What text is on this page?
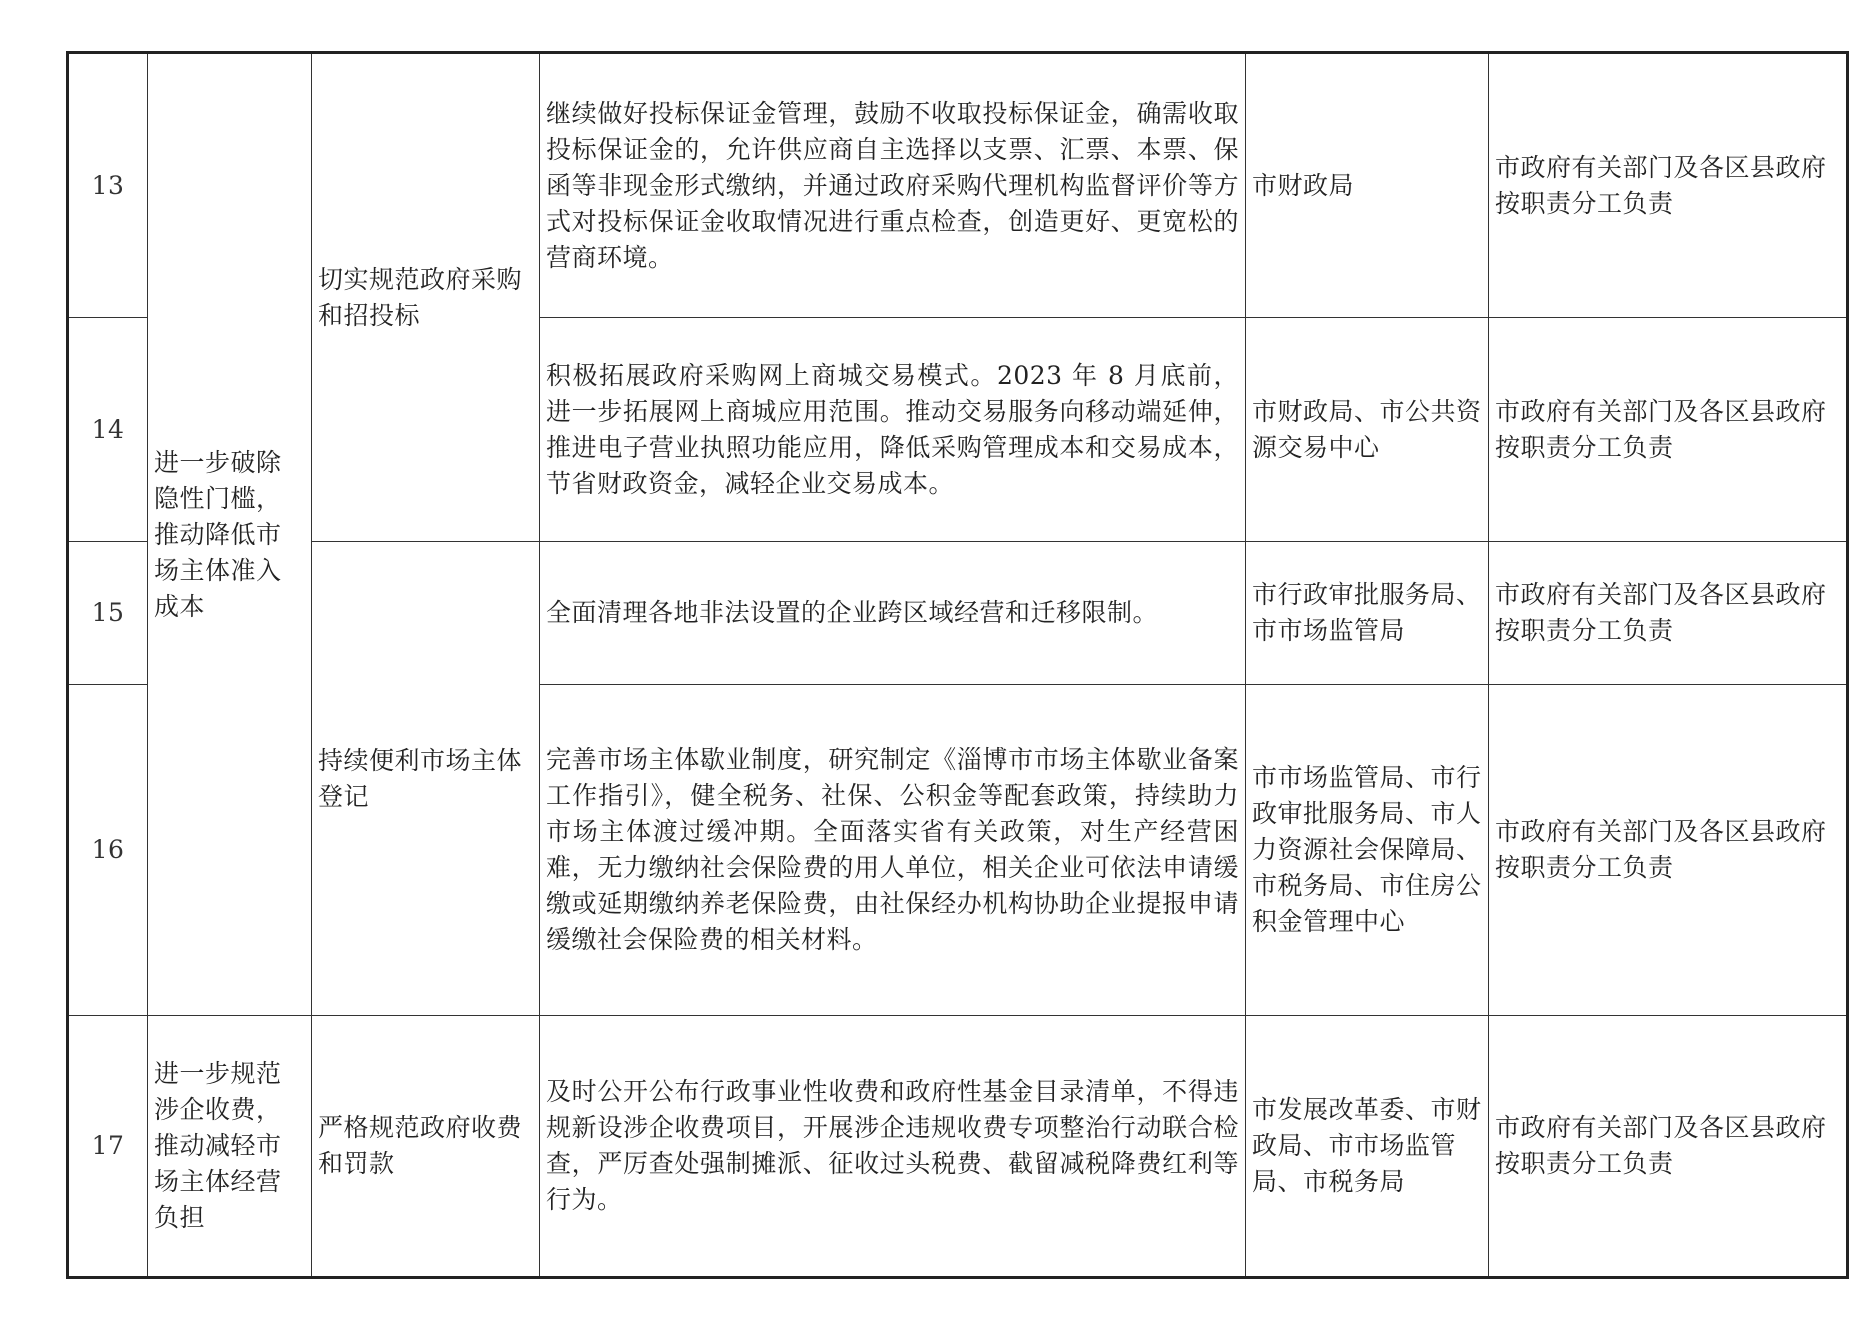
13	进一步破除隐性门槛，推动降低市场主体准入成本	切实规范政府采购和招投标	继续做好投标保证金管理，鼓励不收取投标保证金，确需收取投标保证金的，允许供应商自主选择以支票、汇票、本票、保函等非现金形式缴纳，并通过政府采购代理机构监督评价等方式对投标保证金收取情况进行重点检查，创造更好、更宽松的营商环境。	市财政局	市政府有关部门及各区县政府按职责分工负责
14			积极拓展政府采购网上商城交易模式。2023 年 8 月底前，进一步拓展网上商城应用范围。推动交易服务向移动端延伸，推进电子营业执照功能应用，降低采购管理成本和交易成本，节省财政资金，减轻企业交易成本。	市财政局、市公共资源交易中心	市政府有关部门及各区县政府按职责分工负责
15		持续便利市场主体登记	全面清理各地非法设置的企业跨区域经营和迁移限制。	市行政审批服务局、市市场监管局	市政府有关部门及各区县政府按职责分工负责
16			完善市场主体歇业制度，研究制定《淄博市市场主体歇业备案工作指引》，健全税务、社保、公积金等配套政策，持续助力市场主体渡过缓冲期。全面落实省有关政策，对生产经营困难，无力缴纳社会保险费的用人单位，相关企业可依法申请缓缴或延期缴纳养老保险费，由社保经办机构协助企业提报申请缓缴社会保险费的相关材料。	市市场监管局、市行政审批服务局、市人力资源社会保障局、市税务局、市住房公积金管理中心	市政府有关部门及各区县政府按职责分工负责
17	进一步规范涉企收费，推动减轻市场主体经营负担	严格规范政府收费和罚款	及时公开公布行政事业性收费和政府性基金目录清单，不得违规新设涉企收费项目，开展涉企违规收费专项整治行动联合检查，严厉查处强制摊派、征收过头税费、截留减税降费红利等行为。	市发展改革委、市财政局、市市场监管局、市税务局	市政府有关部门及各区县政府按职责分工负责
